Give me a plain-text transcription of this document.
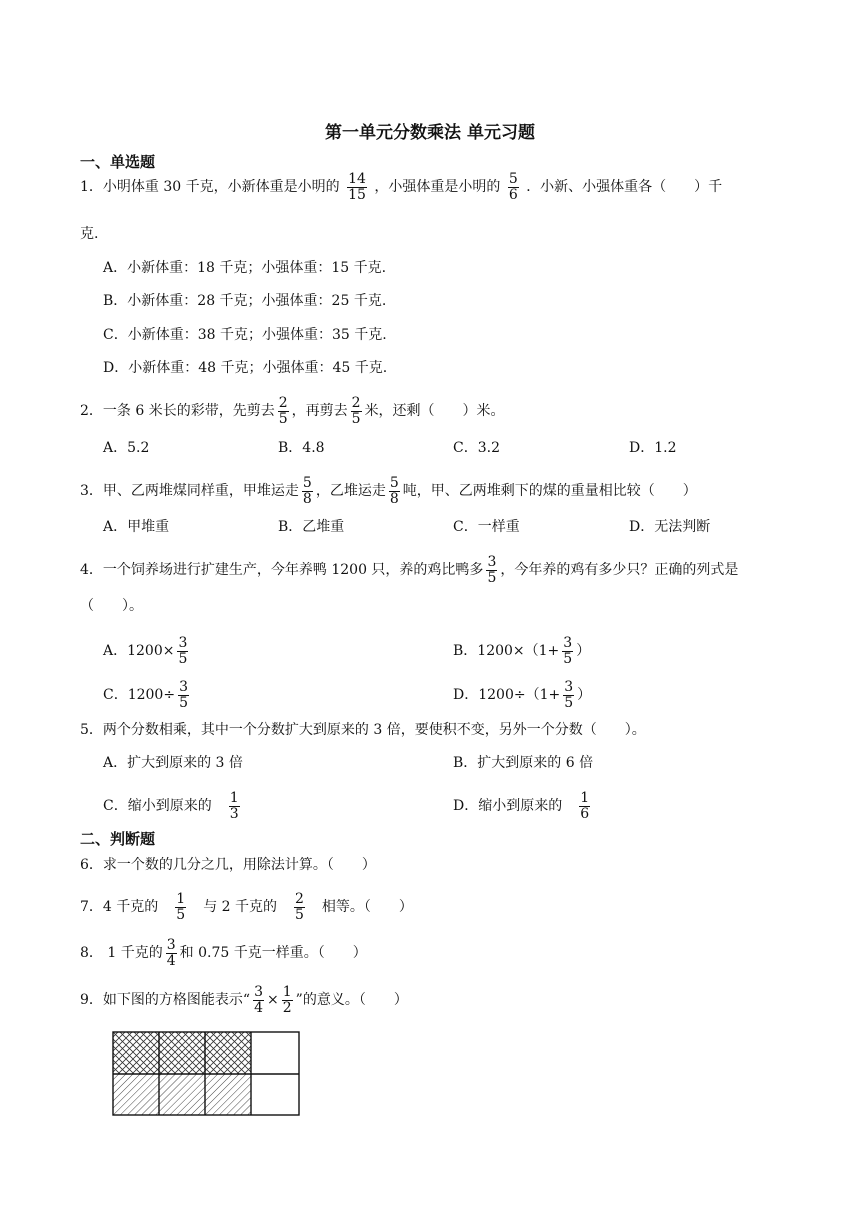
第一单元分数乘法 单元习题
一、单选题
1．小明体重 30 千克，小新体重是小明的 $\frac{14}{15}$ ，小强体重是小明的 $\frac{5}{6}$ ．小新、小强体重各（　　）千
克.
A．小新体重：18 千克；小强体重：15 千克.
B．小新体重：28 千克；小强体重：25 千克.
C．小新体重：38 千克；小强体重：35 千克.
D．小新体重：48 千克；小强体重：45 千克.
2．一条 6 米长的彩带，先剪去 $\frac{2}{5}$ ，再剪去 $\frac{2}{5}$ 米，还剩（　　）米。
A．5.2	B．4.8	C．3.2	D．1.2
3．甲、乙两堆煤同样重，甲堆运走 $\frac{5}{8}$ ，乙堆运走 $\frac{5}{8}$ 吨，甲、乙两堆剩下的煤的重量相比较（　　）
A．甲堆重	B．乙堆重	C．一样重	D．无法判断
4．一个饲养场进行扩建生产，今年养鸭 1200 只，养的鸡比鸭多 $\frac{3}{5}$ ，今年养的鸡有多少只？正确的列式是
（　　）。
A．$1200\times \frac{3}{5}$	B．$1200\times(1+ \frac{3}{5}$ ）
C．$1200\div \frac{3}{5}$	D．$1200\div(1+ \frac{3}{5}$ ）
5．两个分数相乘，其中一个分数扩大到原来的 3 倍，要使积不变，另外一个分数（　　）。
A．扩大到原来的 3 倍	B．扩大到原来的 6 倍
C．缩小到原来的 $\frac{1}{3}$	D．缩小到原来的 $\frac{1}{6}$
二、判断题
6．求一个数的几分之几，用除法计算。（　　）
7．4 千克的 $\frac{1}{5}$ 与 2 千克的 $\frac{2}{5}$ 相等。（　　）
8． 1 千克的 $\frac{3}{4}$ 和 0.75 千克一样重。（　　）
9．如下图的方格图能表示“ $\frac{3}{4} \times \frac{1}{2}$ ”的意义。（　　）
